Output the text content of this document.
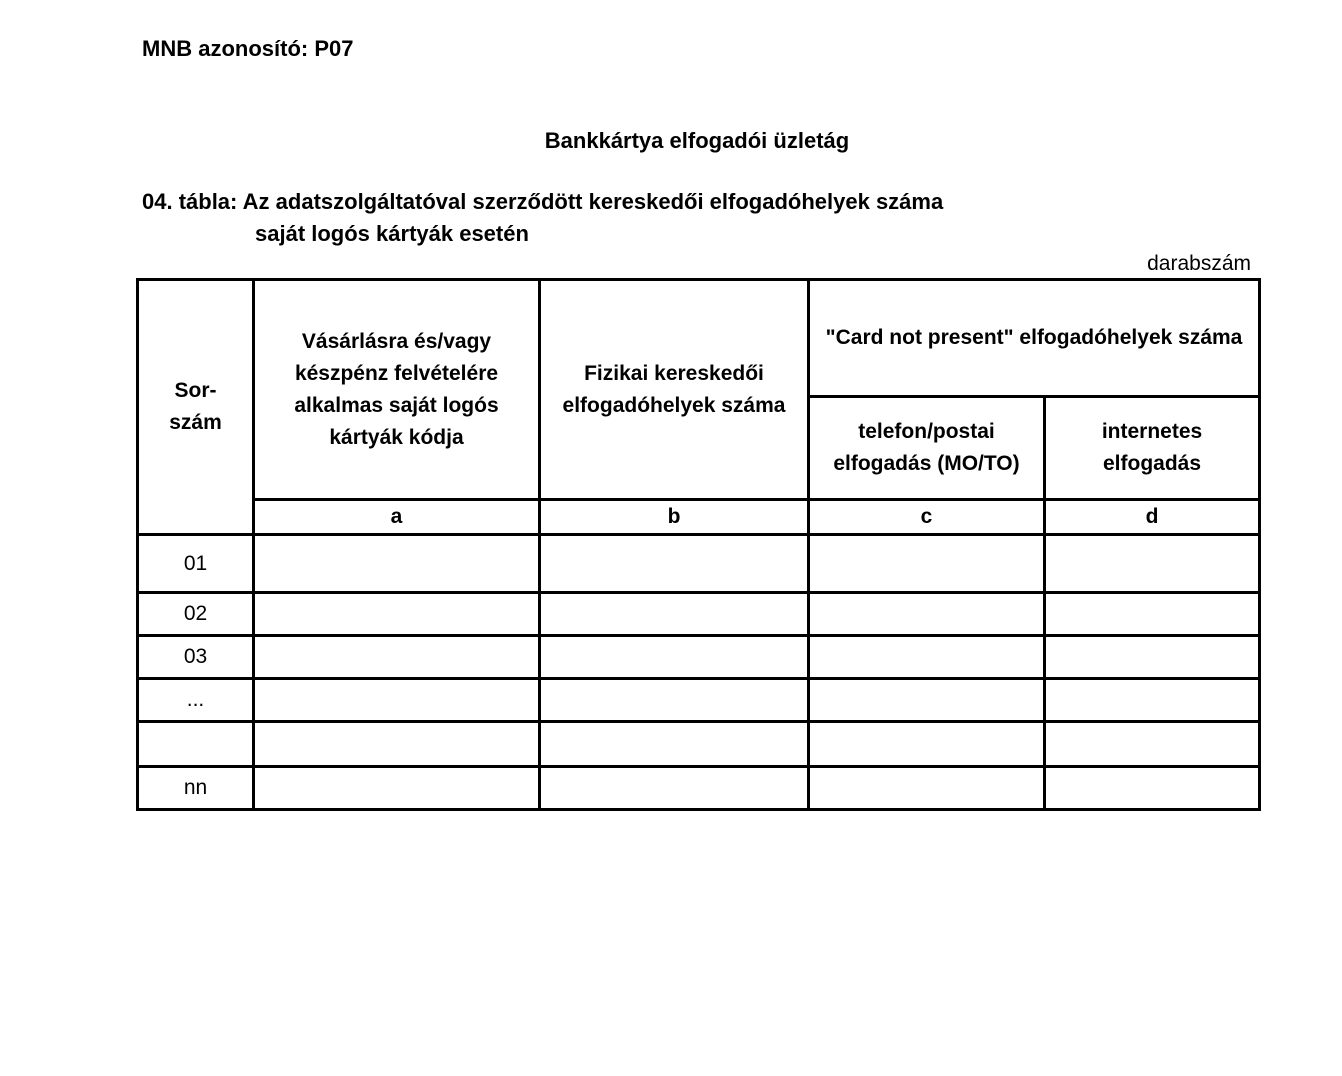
MNB azonosító: P07
Bankkártya elfogadói üzletág
04. tábla: Az adatszolgáltatóval szerződött kereskedői elfogadóhelyek száma
saját logós kártyák esetén
darabszám
Sor-
szám	Vásárlásra és/vagy készpénz felvételére alkalmas saját logós kártyák kódja	Fizikai kereskedői elfogadóhelyek száma	"Card not present" elfogadóhelyek száma	
			telefon/postai elfogadás (MO/TO)	internetes elfogadás
	a	b	c	d
01				
02				
03				
...				

nn				
